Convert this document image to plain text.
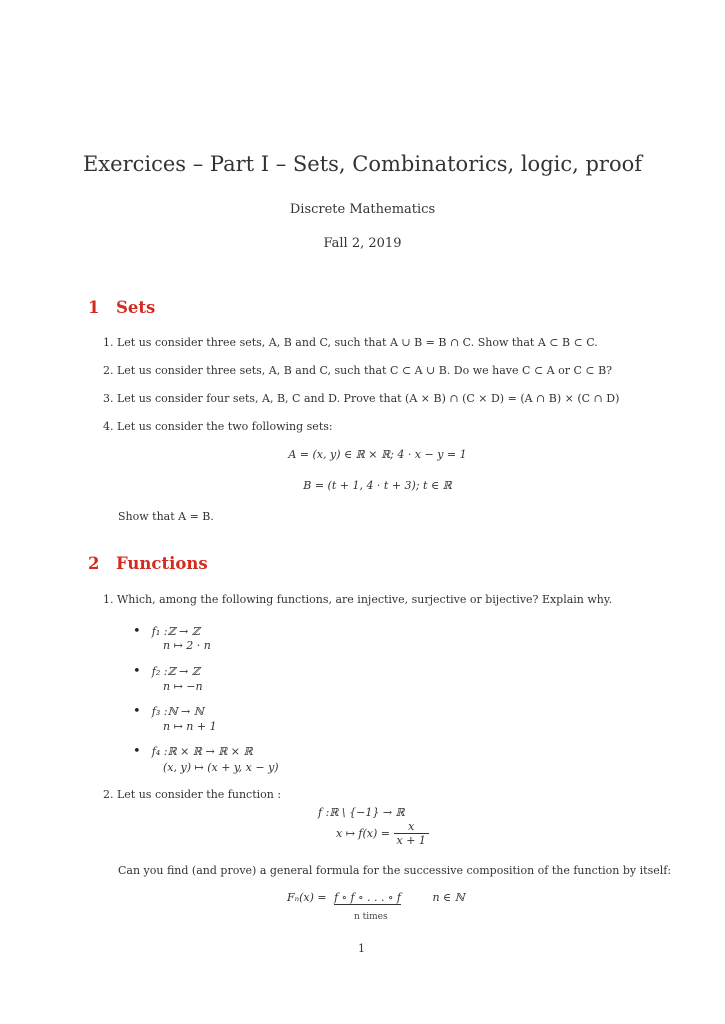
Exercices – Part I – Sets, Combinatorics, logic, proof
Discrete Mathematics
Fall 2, 2019
1 Sets
1. Let us consider three sets, A, B and C, such that A ∪ B = B ∩ C. Show that A ⊂ B ⊂ C.
2. Let us consider three sets, A, B and C, such that C ⊂ A ∪ B. Do we have C ⊂ A or C ⊂ B?
3. Let us consider four sets, A, B, C and D. Prove that (A × B) ∩ (C × D) = (A ∩ B) × (C ∩ D)
4. Let us consider the two following sets:
A = (x, y) ∈ ℝ × ℝ; 4 · x − y = 1
B = (t + 1, 4 · t + 3); t ∈ ℝ
Show that A = B.
2 Functions
1. Which, among the following functions, are injective, surjective or bijective? Explain why.
• f₁ :ℤ → ℤ
n ↦ 2 · n
• f₂ :ℤ → ℤ
n ↦ −n
• f₃ :ℕ → ℕ
n ↦ n + 1
• f₄ :ℝ × ℝ → ℝ × ℝ
(x, y) ↦ (x + y, x − y)
2. Let us consider the function :
f :ℝ \ {−1} → ℝ
x ↦ $f(x) = \frac{x}{x + 1}$
Can you find (and prove) a general formula for the successive composition of the function by itself:
Fₙ(x) = f ∘ f ∘ . . . ∘ f	n ∈ ℕ
n times
1
